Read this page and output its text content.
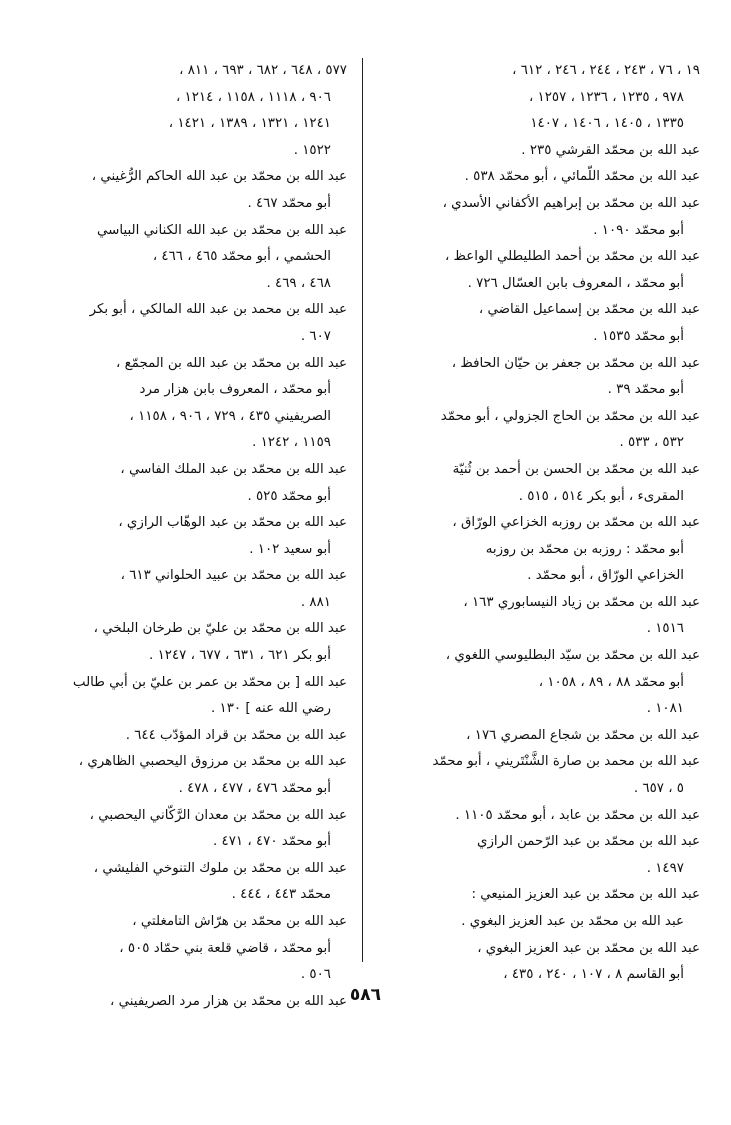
١٩ ، ٧٦ ، ٢٤٣ ، ٢٤٤ ، ٢٤٦ ، ٦١٢ ،
٩٧٨ ، ١٢٣٥ ، ١٢٣٦ ، ١٢٥٧ ،
١٣٣٥ ، ١٤٠٥ ، ١٤٠٦ ، ١٤٠٧

عبد الله بن محمّد القرشي ٢٣٥ .

عبد الله بن محمّد اللّمائي ، أبو محمّد ٥٣٨ .

عبد الله بن محمّد بن إبراهيم الأكفاني الأسدي ،
أبو محمّد ١٠٩٠ .

عبد الله بن محمّد بن أحمد الطليطلي الواعظ ،
أبو محمّد ، المعروف بابن العسّال ٧٢٦ .

عبد الله بن محمّد بن إسماعيل القاضي ،
أبو محمّد ١٥٣٥ .

عبد الله بن محمّد بن جعفر بن حيّان الحافظ ،
أبو محمّد ٣٩ .

عبد الله بن محمّد بن الحاج الجزولي ، أبو محمّد
٥٣٢ ، ٥٣٣ .

عبد الله بن محمّد بن الحسن بن أحمد بن ثُنيّة
المقرىء ، أبو بكر ٥١٤ ، ٥١٥ .

عبد الله بن محمّد بن روزبه الخزاعي الورّاق ،
أبو محمّد : روزبه بن محمّد بن روزبه
الخزاعي الورّاق ، أبو محمّد .

عبد الله بن محمّد بن زياد النيسابوري ١٦٣ ،
١٥١٦ .

عبد الله بن محمّد بن سيّد البطليوسي اللغوي ،
أبو محمّد ٨٨ ، ٨٩ ، ١٠٥٨ ،
١٠٨١ .

عبد الله بن محمّد بن شجاع المصري ١٧٦ ،

عبد الله بن محمد بن صارة الشَّنْتَريني ، أبو محمّد
٥ ، ٦٥٧ .

عبد الله بن محمّد بن عابد ، أبو محمّد ١١٠٥ .

عبد الله بن محمّد بن عبد الرّحمن الرازي
١٤٩٧ .

عبد الله بن محمّد بن عبد العزيز المنيعي :
عبد الله بن محمّد بن عبد العزيز البغوي .

عبد الله بن محمّد بن عبد العزيز البغوي ،
أبو القاسم ٨ ، ١٠٧ ، ٢٤٠ ، ٤٣٥ ،

٥٧٧ ، ٦٤٨ ، ٦٨٢ ، ٦٩٣ ، ٨١١ ،
٩٠٦ ، ١١١٨ ، ١١٥٨ ، ١٢١٤ ،
١٢٤١ ، ١٣٢١ ، ١٣٨٩ ، ١٤٢١ ،
١٥٢٢ .

عبد الله بن محمّد بن عبد الله الحاكم الرُّغيني ،
أبو محمّد ٤٦٧ .

عبد الله بن محمّد بن عبد الله الكناني البياسي
الحشمي ، أبو محمّد ٤٦٥ ، ٤٦٦ ،
٤٦٨ ، ٤٦٩ .

عبد الله بن محمد بن عبد الله المالكي ، أبو بكر
٦٠٧ .

عبد الله بن محمّد بن عبد الله بن المجمّع ،
أبو محمّد ، المعروف بابن هزار مرد
الصريفيني ٤٣٥ ، ٧٢٩ ، ٩٠٦ ، ١١٥٨ ،
١١٥٩ ، ١٢٤٢ .

عبد الله بن محمّد بن عبد الملك الفاسي ،
أبو محمّد ٥٢٥ .

عبد الله بن محمّد بن عبد الوهّاب الرازي ،
أبو سعيد ١٠٢ .

عبد الله بن محمّد بن عبيد الحلواني ٦١٣ ،
٨٨١ .

عبد الله بن محمّد بن عليّ بن طرخان البلخي ،
أبو بكر ٦٢١ ، ٦٣١ ، ٦٧٧ ، ١٢٤٧ .

عبد الله [ بن محمّد بن عمر بن عليّ بن أبي طالب
رضي الله عنه ] ١٣٠ .

عبد الله بن محمّد بن قراد المؤدّب ٦٤٤ .

عبد الله بن محمّد بن مرزوق اليحصبي الظاهري ،
أبو محمّد ٤٧٦ ، ٤٧٧ ، ٤٧٨ .

عبد الله بن محمّد بن معدان الرَّكّاني اليحصبي ،
أبو محمّد ٤٧٠ ، ٤٧١ .

عبد الله بن محمّد بن ملوك التنوخي الفليشي ،
محمّد ٤٤٣ ، ٤٤٤ .

عبد الله بن محمّد بن هرّاش التامغلتي ،
أبو محمّد ، قاضي قلعة بني حمّاد ٥٠٥ ،
٥٠٦ .

عبد الله بن محمّد بن هزار مرد الصريفيني ، ٥٨٦
